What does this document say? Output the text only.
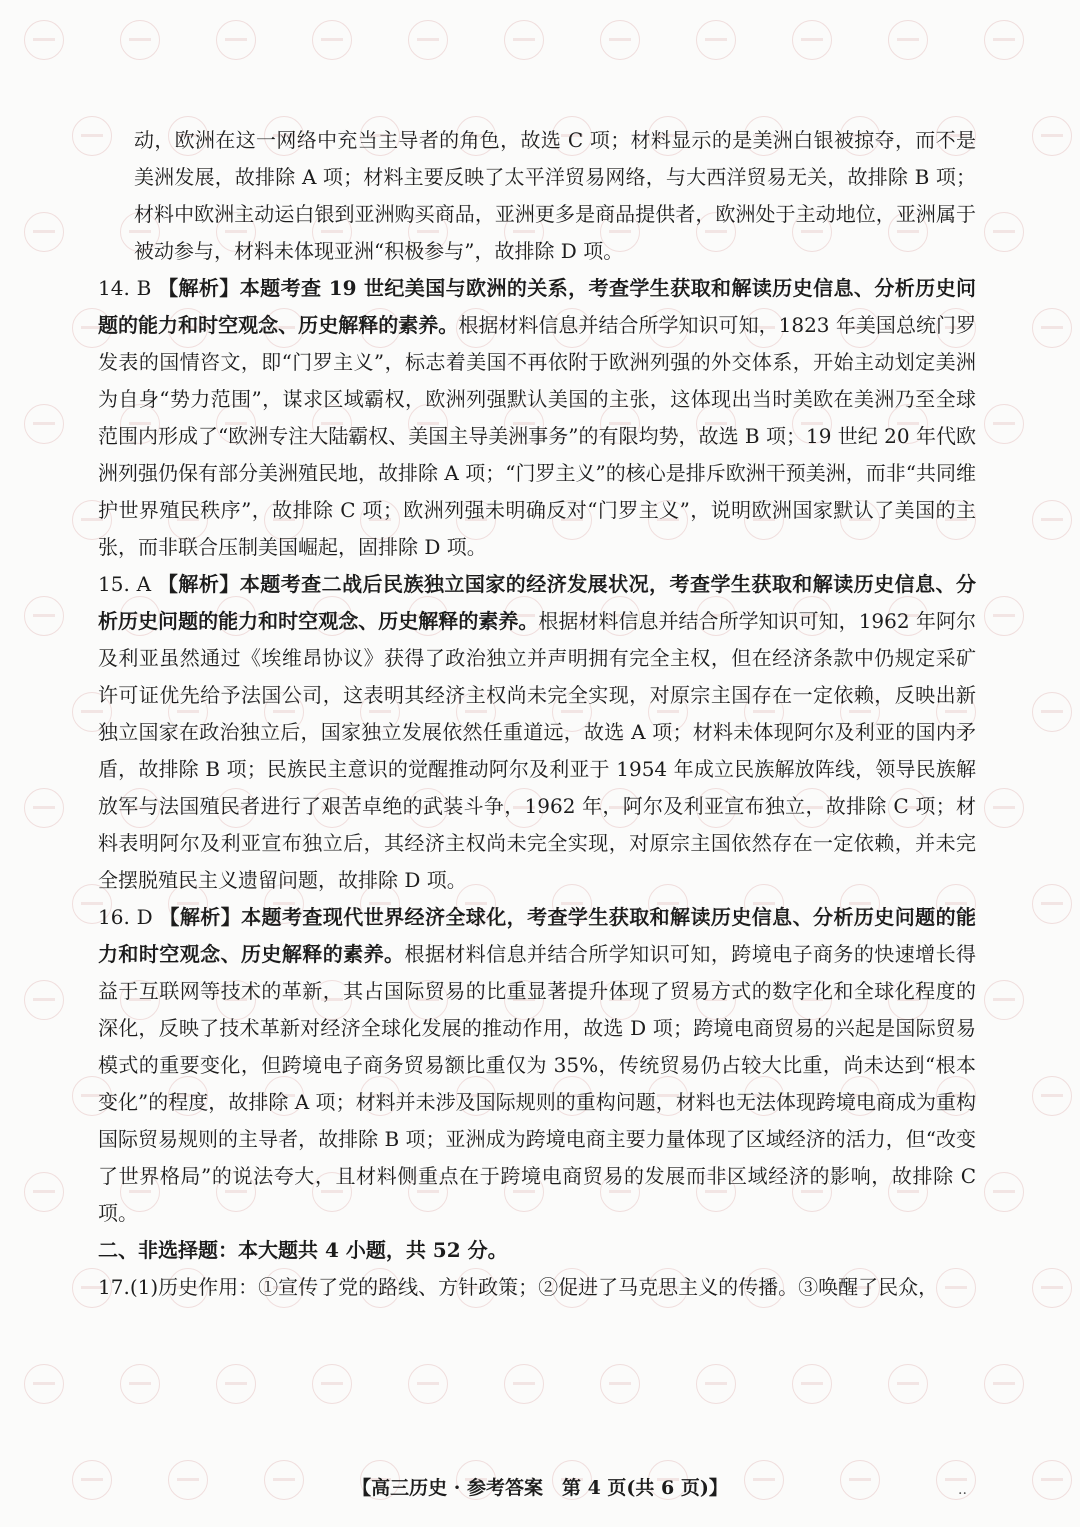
动，欧洲在这一网络中充当主导者的角色，故选 C 项；材料显示的是美洲白银被掠夺，而不是美洲发展，故排除 A 项；材料主要反映了太平洋贸易网络，与大西洋贸易无关，故排除 B 项；材料中欧洲主动运白银到亚洲购买商品，亚洲更多是商品提供者，欧洲处于主动地位，亚洲属于被动参与，材料未体现亚洲“积极参与”，故排除 D 项。

14. B 【解析】本题考查 19 世纪美国与欧洲的关系，考查学生获取和解读历史信息、分析历史问题的能力和时空观念、历史解释的素养。根据材料信息并结合所学知识可知，1823 年美国总统门罗发表的国情咨文，即“门罗主义”，标志着美国不再依附于欧洲列强的外交体系，开始主动划定美洲为自身“势力范围”，谋求区域霸权，欧洲列强默认美国的主张，这体现出当时美欧在美洲乃至全球范围内形成了“欧洲专注大陆霸权、美国主导美洲事务”的有限均势，故选 B 项；19 世纪 20 年代欧洲列强仍保有部分美洲殖民地，故排除 A 项；“门罗主义”的核心是排斥欧洲干预美洲，而非“共同维护世界殖民秩序”，故排除 C 项；欧洲列强未明确反对“门罗主义”，说明欧洲国家默认了美国的主张，而非联合压制美国崛起，固排除 D 项。
15. A 【解析】本题考查二战后民族独立国家的经济发展状况，考查学生获取和解读历史信息、分析历史问题的能力和时空观念、历史解释的素养。根据材料信息并结合所学知识可知，1962 年阿尔及利亚虽然通过《埃维昂协议》获得了政治独立并声明拥有完全主权，但在经济条款中仍规定采矿许可证优先给予法国公司，这表明其经济主权尚未完全实现，对原宗主国存在一定依赖，反映出新独立国家在政治独立后，国家独立发展依然任重道远，故选 A 项；材料未体现阿尔及利亚的国内矛盾，故排除 B 项；民族民主意识的觉醒推动阿尔及利亚于 1954 年成立民族解放阵线，领导民族解放军与法国殖民者进行了艰苦卓绝的武装斗争，1962 年，阿尔及利亚宣布独立，故排除 C 项；材料表明阿尔及利亚宣布独立后，其经济主权尚未完全实现，对原宗主国依然存在一定依赖，并未完全摆脱殖民主义遗留问题，故排除 D 项。
16. D 【解析】本题考查现代世界经济全球化，考查学生获取和解读历史信息、分析历史问题的能力和时空观念、历史解释的素养。根据材料信息并结合所学知识可知，跨境电子商务的快速增长得益于互联网等技术的革新，其占国际贸易的比重显著提升体现了贸易方式的数字化和全球化程度的深化，反映了技术革新对经济全球化发展的推动作用，故选 D 项；跨境电商贸易的兴起是国际贸易模式的重要变化，但跨境电子商务贸易额比重仅为 35%，传统贸易仍占较大比重，尚未达到“根本变化”的程度，故排除 A 项；材料并未涉及国际规则的重构问题，材料也无法体现跨境电商成为重构国际贸易规则的主导者，故排除 B 项；亚洲成为跨境电商主要力量体现了区域经济的活力，但“改变了世界格局”的说法夸大，且材料侧重点在于跨境电商贸易的发展而非区域经济的影响，故排除 C 项。

二、非选择题：本大题共 4 小题，共 52 分。

17.(1)历史作用：①宣传了党的路线、方针政策；②促进了马克思主义的传播。③唤醒了民众，
【高三历史 · 参考答案　第 4 页(共 6 页)】	..
